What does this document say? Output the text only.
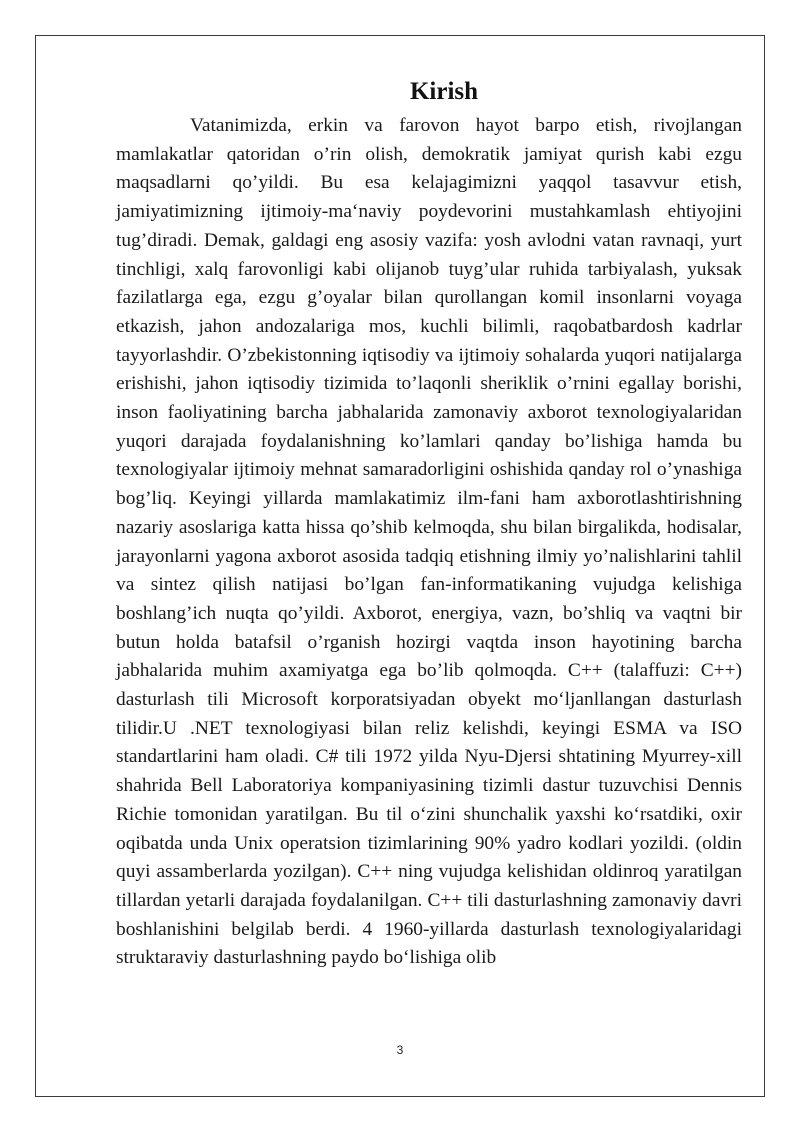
Kirish

Vatanimizda, erkin va farovon hayot barpo etish, rivojlangan mamlakatlar qatoridan o’rin olish, demokratik jamiyat qurish kabi ezgu maqsadlarni qo’yildi. Bu esa kelajagimizni yaqqol tasavvur etish, jamiyatimizning ijtimoiy-ma‘naviy poydevorini mustahkamlash ehtiyojini tug’diradi. Demak, galdagi eng asosiy vazifa: yosh avlodni vatan ravnaqi, yurt tinchligi, xalq farovonligi kabi olijanob tuyg’ular ruhida tarbiyalash, yuksak fazilatlarga ega, ezgu g’oyalar bilan qurollangan komil insonlarni voyaga etkazish, jahon andozalariga mos, kuchli bilimli, raqobatbardosh kadrlar tayyorlashdir. O’zbekistonning iqtisodiy va ijtimoiy sohalarda yuqori natijalarga erishishi, jahon iqtisodiy tizimida to’laqonli sheriklik o’rnini egallay borishi, inson faoliyatining barcha jabhalarida zamonaviy axborot texnologiyalaridan yuqori darajada foydalanishning ko’lamlari qanday bo’lishiga hamda bu texnologiyalar ijtimoiy mehnat samaradorligini oshishida qanday rol o’ynashiga bog’liq. Keyingi yillarda mamlakatimiz ilm-fani ham axborotlashtirishning nazariy asoslariga katta hissa qo’shib kelmoqda, shu bilan birgalikda, hodisalar, jarayonlarni yagona axborot asosida tadqiq etishning ilmiy yo’nalishlarini tahlil va sintez qilish natijasi bo’lgan fan-informatikaning vujudga kelishiga boshlang’ich nuqta qo’yildi. Axborot, energiya, vazn, bo’shliq va vaqtni bir butun holda batafsil o’rganish hozirgi vaqtda inson hayotining barcha jabhalarida muhim axamiyatga ega bo’lib qolmoqda. C++ (talaffuzi: C++) dasturlash tili Microsoft korporatsiyadan obyekt mo‘ljanllangan dasturlash tilidir.U .NET texnologiyasi bilan reliz kelishdi, keyingi ESMA va ISO standartlarini ham oladi. C# tili 1972 yilda Nyu-Djersi shtatining Myurrey-xill shahrida Bell Laboratoriya kompaniyasining tizimli dastur tuzuvchisi Dennis Richie tomonidan yaratilgan. Bu til o‘zini shunchalik yaxshi ko‘rsatdiki, oxir oqibatda unda Unix operatsion tizimlarining 90% yadro kodlari yozildi. (oldin quyi assamberlarda yozilgan). C++ ning vujudga kelishidan oldinroq yaratilgan tillardan yetarli darajada foydalanilgan. C++ tili dasturlashning zamonaviy davri boshlanishini belgilab berdi. 4 1960-yillarda dasturlash texnologiyalaridagi struktaraviy dasturlashning paydo bo‘lishiga olib

3
